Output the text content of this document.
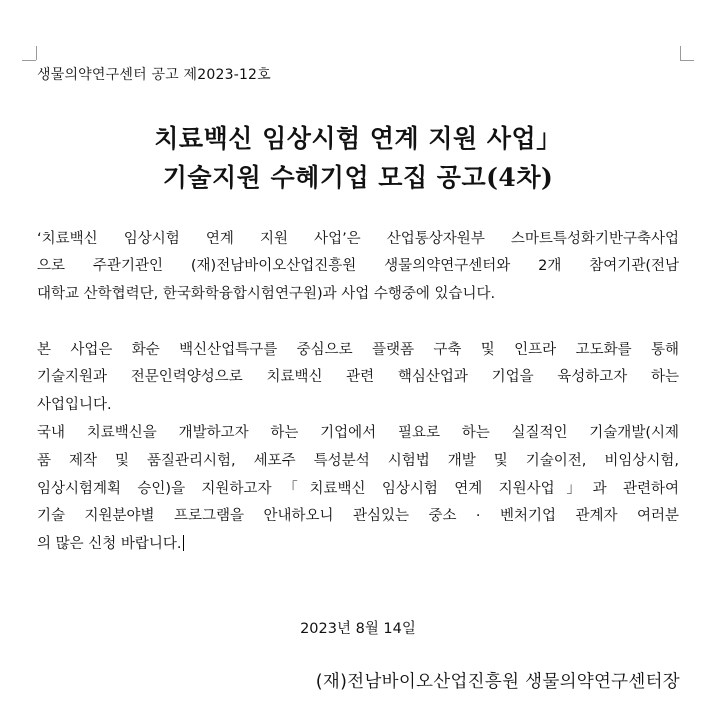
생물의약연구센터 공고 제2023-12호
치료백신 임상시험 연계 지원 사업」
기술지원 수혜기업 모집 공고(4차)
‘치료백신 임상시험 연계 지원 사업’은 산업통상자원부 스마트특성화기반구축사업
으로 주관기관인 (재)전남바이오산업진흥원 생물의약연구센터와 2개 참여기관(전남
대학교 산학협력단, 한국화학융합시험연구원)과 사업 수행중에 있습니다.
본 사업은 화순 백신산업특구를 중심으로 플랫폼 구축 및 인프라 고도화를 통해
기술지원과 전문인력양성으로 치료백신 관련 핵심산업과 기업을 육성하고자 하는
사업입니다.
국내 치료백신을 개발하고자 하는 기업에서 필요로 하는 실질적인 기술개발(시제
품 제작 및 품질관리시험, 세포주 특성분석 시험법 개발 및 기술이전, 비임상시험,
임상시험계획 승인)을 지원하고자「치료백신 임상시험 연계 지원사업」과 관련하여
기술 지원분야별 프로그램을 안내하오니 관심있는 중소 · 벤처기업 관계자 여러분
의 많은 신청 바랍니다.
2023년 8월 14일
(재)전남바이오산업진흥원 생물의약연구센터장
